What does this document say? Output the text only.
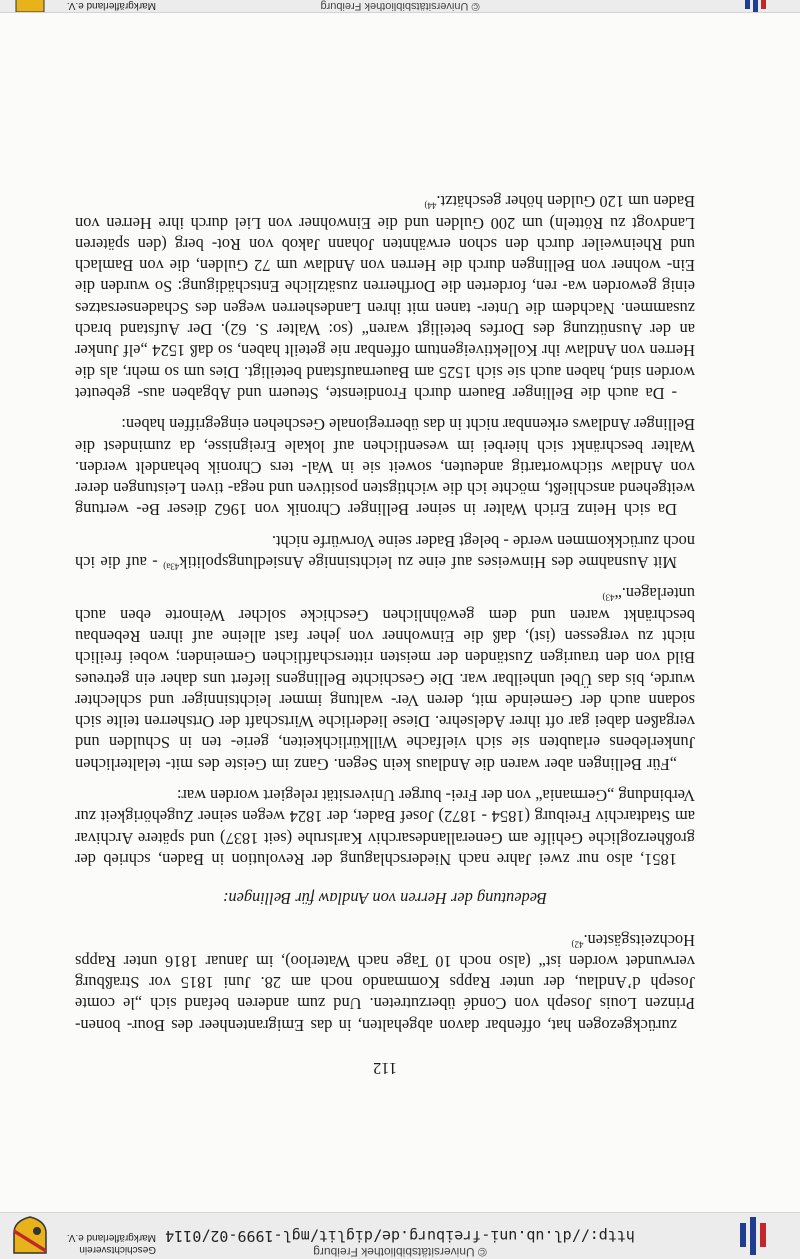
© Universitätsbibliothek Freiburg
http://dl.ub.uni-freiburg.de/diglit/mgl-1999-02/0114
Geschichtsverein
Markgräflerland e.V.

112

zurückgezogen hat, offenbar davon abgehalten, in das Emigrantenheer des Bour- bonen-Prinzen Louis Joseph von Condé überzutreten. Und zum anderen befand sich „le comte Joseph d’Andlau, der unter Rapps Kommando noch am 28. Juni 1815 vor Straßburg verwundet worden ist“ (also noch 10 Tage nach Waterloo), im Januar 1816 unter Rapps Hochzeitsgästen.$^{42)}$

Bedeutung der Herren von Andlaw für Bellingen:

1851, also nur zwei Jahre nach Niederschlagung der Revolution in Baden, schrieb der großherzogliche Gehilfe am Generallandesarchiv Karlsruhe (seit 1837) und spätere Archivar am Stadtarchiv Freiburg (1854 - 1872) Josef Bader, der 1824 wegen seiner Zugehörigkeit zur Verbindung „Germania“ von der Frei- burger Universität relegiert worden war:

„Für Bellingen aber waren die Andlaus kein Segen. Ganz im Geiste des mit- telalterlichen Junkerlebens erlaubten sie sich vielfache Willkürlichkeiten, gerie- ten in Schulden und vergaßen dabei gar oft ihrer Adelsehre. Diese liederliche Wirtschaft der Ortsherren teilte sich sodann auch der Gemeinde mit, deren Ver- waltung immer leichtsinniger und schlechter wurde, bis das Übel unheilbar war. Die Geschichte Bellingens liefert uns daher ein getreues Bild von den traurigen Zuständen der meisten ritterschaftlichen Gemeinden; wobei freilich nicht zu vergessen (ist), daß die Einwohner von jeher fast alleine auf ihren Rebenbau beschränkt waren und dem gewöhnlichen Geschicke solcher Weinorte eben auch unterlagen.“$^{43)}$

Mit Ausnahme des Hinweises auf eine zu leichtsinnige Ansiedlungspolitik$^{43a)}$ - auf die ich noch zurückkommen werde - belegt Bader seine Vorwürfe nicht.

Da sich Heinz Erich Walter in seiner Bellinger Chronik von 1962 dieser Be- wertung weitgehend anschließt, möchte ich die wichtigsten positiven und nega- tiven Leistungen derer von Andlaw stichwortartig andeuten, soweit sie in Wal- ters Chronik behandelt werden. Walter beschränkt sich hierbei im wesentlichen auf lokale Ereignisse, da zumindest die Bellinger Andlaws erkennbar nicht in das überregionale Geschehen eingegriffen haben:

- Da auch die Bellinger Bauern durch Frondienste, Steuern und Abgaben aus- gebeutet worden sind, haben auch sie sich 1525 am Bauernaufstand beteiligt. Dies um so mehr, als die Herren von Andlaw ihr Kollektiveigentum offenbar nie geteilt haben, so daß 1524 „elf Junker an der Ausnützung des Dorfes beteiligt waren“ (so: Walter S. 62). Der Aufstand brach zusammen. Nachdem die Unter- tanen mit ihren Landesherren wegen des Schadensersatzes einig geworden wa- ren, forderten die Dorfherren zusätzliche Entschädigung: So wurden die Ein- wohner von Bellingen durch die Herren von Andlaw um 72 Gulden, die von Bamlach und Rheinweiler durch den schon erwähnten Johann Jakob von Rot- berg (den späteren Landvogt zu Rötteln) um 200 Gulden und die Einwohner von Liel durch ihre Herren von Baden um 120 Gulden höher geschätzt.$^{44)}$

© Universitätsbibliothek Freiburg
Markgräflerland e.V.
